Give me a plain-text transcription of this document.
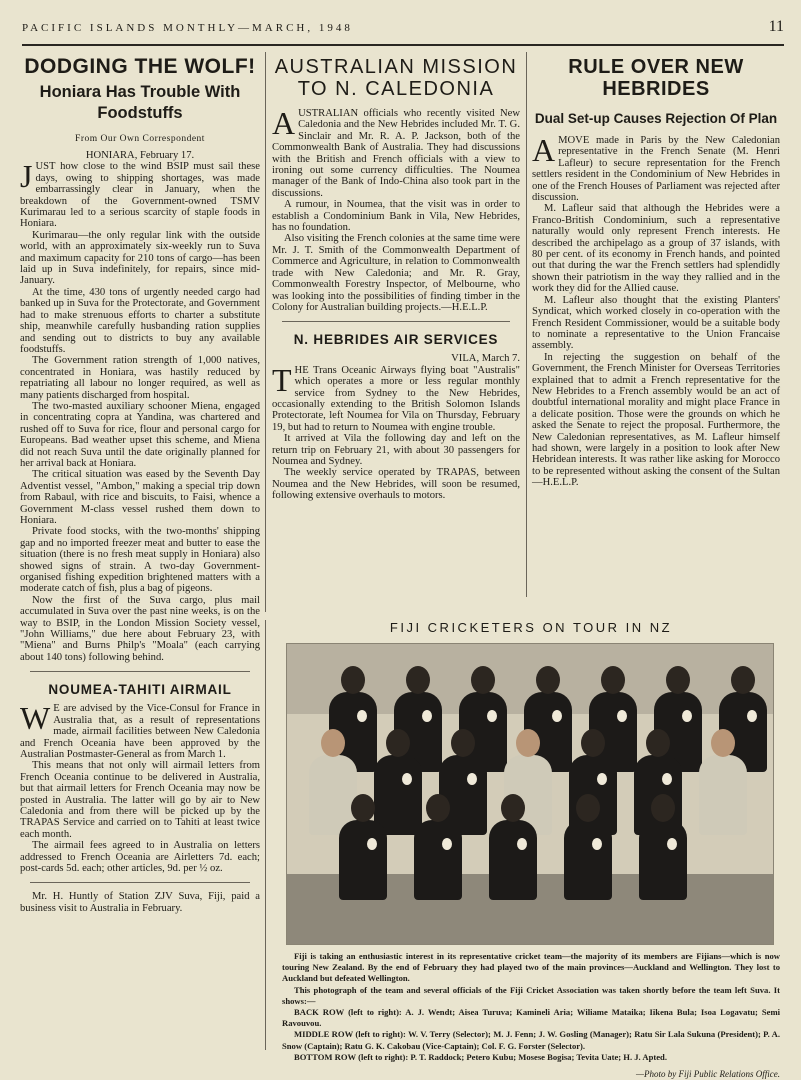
PACIFIC ISLANDS MONTHLY—MARCH, 1948	11
DODGING THE WOLF!
Honiara Has Trouble With Foodstuffs
From Our Own Correspondent

HONIARA, February 17.

JUST how close to the wind BSIP must sail these days, owing to shipping shortages, was made embarrassingly clear in January, when the breakdown of the Government-owned TSMV Kurimarau led to a serious scarcity of staple foods in Honiara.

Kurimarau—the only regular link with the outside world, with an approximately six-weekly run to Suva and maximum capacity for 210 tons of cargo—has been laid up in Suva indefinitely, for repairs, since mid-January.

At the time, 430 tons of urgently needed cargo had banked up in Suva for the Protectorate, and Government had to make strenuous efforts to charter a substitute ship, meanwhile carefully husbanding ration supplies and sending out to districts to buy any available foodstuffs.

The Government ration strength of 1,000 natives, concentrated in Honiara, was hastily reduced by repatriating all labour no longer required, as well as many patients discharged from hospital.

The two-masted auxiliary schooner Miena, engaged in concentrating copra at Yandina, was chartered and rushed off to Suva for rice, flour and personal cargo for Europeans. Bad weather upset this scheme, and Miena did not reach Suva until the date originally planned for her arrival back at Honiara.

The critical situation was eased by the Seventh Day Adventist vessel, "Ambon," making a special trip down from Rabaul, with rice and biscuits, to Faisi, whence a Government M-class vessel rushed them down to Honiara.

Private food stocks, with the two-months' shipping gap and no imported freezer meat and butter to ease the situation (there is no fresh meat supply in Honiara) also showed signs of strain. A two-day Government-organised fishing expedition brightened matters with a moderate catch of fish, plus a bag of pigeons.

Now the first of the Suva cargo, plus mail accumulated in Suva over the past nine weeks, is on the way to BSIP, in the London Mission Society vessel, "John Williams," due here about February 23, with "Miena" and Burns Philp's "Moala" (each carrying about 140 tons) following behind.

NOUMEA-TAHITI AIRMAIL

W E are advised by the Vice-Consul for France in Australia that, as a result of representations made, airmail facilities between New Caledonia and French Oceania have been approved by the Australian Postmaster-General as from March 1.

This means that not only will airmail letters from French Oceania continue to be delivered in Australia, but that airmail letters for French Oceania may now be posted in Australia. The latter will go by air to New Caledonia and from there will be picked up by the TRAPAS Service and carried on to Tahiti at least twice each month.

The airmail fees agreed to in Australia on letters addressed to French Oceania are Airletters 7d. each; post-cards 5d. each; other articles, 9d. per ½ oz.

Mr. H. Huntly of Station ZJV Suva, Fiji, paid a business visit to Australia in February.

AUSTRALIAN MISSION TO N. CALEDONIA

AUSTRALIAN officials who recently visited New Caledonia and the New Hebrides included Mr. T. G. Sinclair and Mr. R. A. P. Jackson, both of the Commonwealth Bank of Australia. They had discussions with the British and French officials with a view to ironing out some currency difficulties. The Noumea manager of the Bank of Indo-China also took part in the discussions.

A rumour, in Noumea, that the visit was in order to establish a Condominium Bank in Vila, New Hebrides, has no foundation.

Also visiting the French colonies at the same time were Mr. J. T. Smith of the Commonwealth Department of Commerce and Agriculture, in relation to Commonwealth trade with New Caledonia; and Mr. R. Gray, Commonwealth Forestry Inspector, of Melbourne, who was looking into the possibilities of finding timber in the Colony for Australian building projects.—H.E.L.P.

N. HEBRIDES AIR SERVICES

VILA, March 7.

THE Trans Oceanic Airways flying boat "Australis" which operates a more or less regular monthly service from Sydney to the New Hebrides, occasionally extending to the British Solomon Islands Protectorate, left Noumea for Vila on Thursday, February 19, but had to return to Noumea with engine trouble.

It arrived at Vila the following day and left on the return trip on February 21, with about 30 passengers for Noumea and Sydney.

The weekly service operated by TRAPAS, between Noumea and the New Hebrides, will soon be resumed, following extensive overhauls to motors.

RULE OVER NEW HEBRIDES
Dual Set-up Causes Rejection Of Plan

AMOVE made in Paris by the New Caledonian representative in the French Senate (M. Henri Lafleur) to secure representation for the French settlers resident in the Condominium of New Hebrides in one of the French Houses of Parliament was rejected after discussion.

M. Lafleur said that although the Hebrides were a Franco-British Condominium, such a representative naturally would only represent French interests. He described the archipelago as a group of 37 islands, with 80 per cent. of its economy in French hands, and pointed out that during the war the French settlers had splendidly shown their patriotism in the way they rallied and in the work they did for the Allied cause.

M. Lafleur also thought that the existing Planters' Syndicat, which worked closely in co-operation with the French Resident Commissioner, would be a suitable body to nominate a representative to the Union Francaise assembly.

In rejecting the suggestion on behalf of the Government, the French Minister for Overseas Territories explained that to admit a French representative for the New Hebrides to a French assembly would be an act of doubtful international morality and might place France in a delicate position. Those were the grounds on which he asked the Senate to reject the proposal. Furthermore, the New Caledonian representatives, as M. Lafleur himself had shown, were largely in a position to look after New Hebridean interests. It was rather like asking for Morocco to be represented without asking the consent of the Sultan—H.E.L.P.

FIJI CRICKETERS ON TOUR IN NZ
Fiji is taking an enthusiastic interest in its representative cricket team—the majority of its members are Fijians—which is now touring New Zealand. By the end of February they had played two of the main provinces—Auckland and Wellington. They lost to Auckland but defeated Wellington.
This photograph of the team and several officials of the Fiji Cricket Association was taken shortly before the team left Suva. It shows:—
BACK ROW (left to right): A. J. Wendt; Aisea Turuva; Kamineli Aria; Wiliame Mataika; Iikena Bula; Isoa Logavatu; Semi Ravouvou.
MIDDLE ROW (left to right): W. V. Terry (Selector); M. J. Fenn; J. W. Gosling (Manager); Ratu Sir Lala Sukuna (President); P. A. Snow (Captain); Ratu G. K. Cakobau (Vice-Captain); Col. F. G. Forster (Selector).
BOTTOM ROW (left to right): P. T. Raddock; Petero Kubu; Mosese Bogisa; Tevita Uate; H. J. Apted.
—Photo by Fiji Public Relations Office.
